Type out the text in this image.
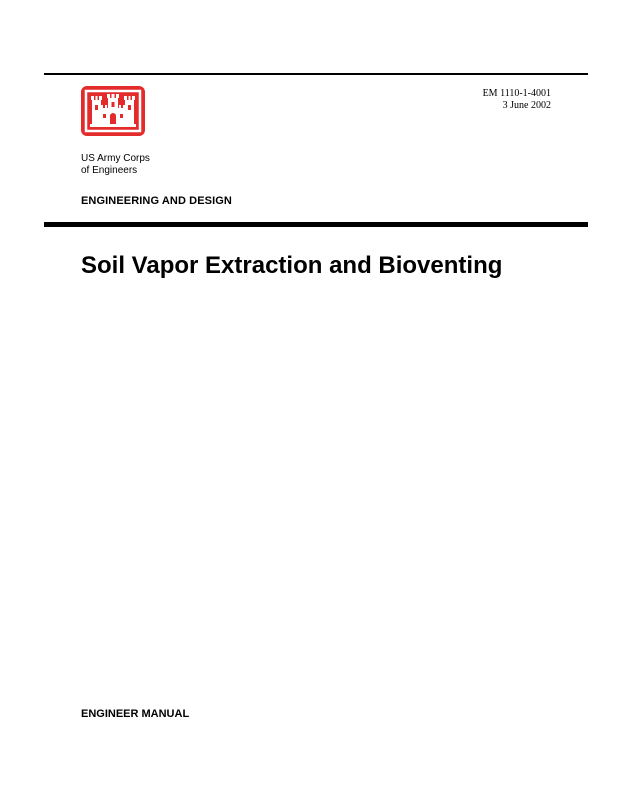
EM 1110-1-4001
3 June 2002
US Army Corps
of Engineers
ENGINEERING AND DESIGN
Soil Vapor Extraction and Bioventing
ENGINEER MANUAL
